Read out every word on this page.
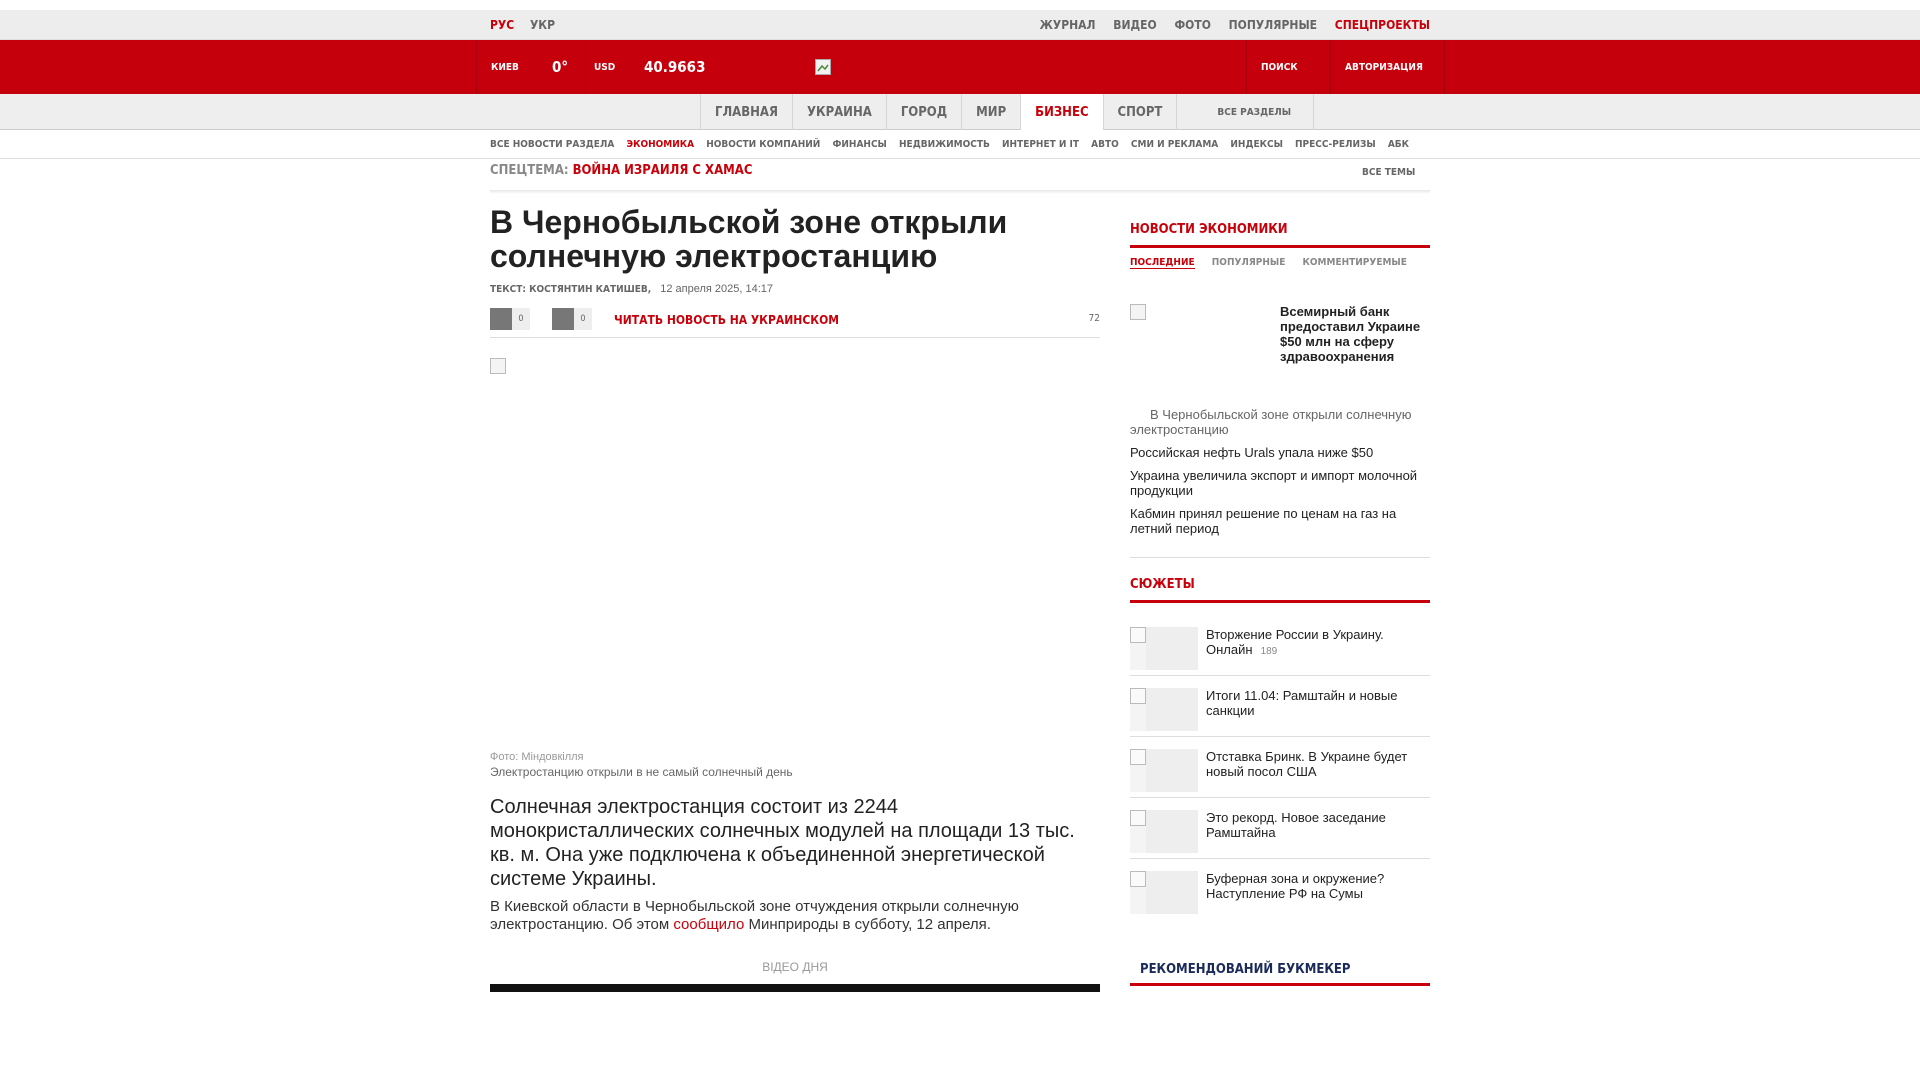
РУС УКР	ЖУРНАЛ ВИДЕО ФОТО ПОПУЛЯРНЫЕ СПЕЦПРОЕКТЫ
КИЕВ	0°	USD	40.9663	ПОИСК	АВТОРИЗАЦИЯ
ГЛАВНАЯ	УКРАИНА	ГОРОД	МИР	БИЗНЕС	СПОРТ	ВСЕ РАЗДЕЛЫ
ВСЕ НОВОСТИ РАЗДЕЛА ЭКОНОМИКА НОВОСТИ КОМПАНИЙ ФИНАНСЫ НЕДВИЖИМОСТЬ ИНТЕРНЕТ И IT АВТО СМИ И РЕКЛАМА ИНДЕКСЫ ПРЕСС-РЕЛИЗЫ АБК
СПЕЦТЕМА: ВОЙНА ИЗРАИЛЯ С ХАМАС	ВСЕ ТЕМЫ
В Чернобыльской зоне открыли солнечную электростанцию
ТЕКСТ: КОСТЯНТИН КАТИШЕВ, 12 апреля 2025, 14:17
0	0	ЧИТАТЬ НОВОСТЬ НА УКРАИНСКОМ	72
Фото: Міндовкілля
Электростанцию открыли в не самый солнечный день

Солнечная электростанция состоит из 2244 монокристаллических солнечных модулей на площади 13 тыс. кв. м. Она уже подключена к объединенной энергетической системе Украины.

В Киевской области в Чернобыльской зоне отчуждения открыли солнечную электростанцию. Об этом сообщило Минприроды в субботу, 12 апреля.

ВІДЕО ДНЯ
НОВОСТИ ЭКОНОМИКИ
ПОСЛЕДНИЕ ПОПУЛЯРНЫЕ КОММЕНТИРУЕМЫЕ
Всемирный банк предоставил Украине $50 млн на сферу здравоохранения
В Чернобыльской зоне открыли солнечную электростанцию
Российская нефть Urals упала ниже $50
Украина увеличила экспорт и импорт молочной продукции
Кабмин принял решение по ценам на газ на летний период
СЮЖЕТЫ
Вторжение России в Украину. Онлайн 189
Итоги 11.04: Рамштайн и новые санкции
Отставка Бринк. В Украине будет новый посол США
Это рекорд. Новое заседание Рамштайна
Буферная зона и окружение? Наступление РФ на Сумы
РЕКОМЕНДОВАНИЙ БУКМЕКЕР
